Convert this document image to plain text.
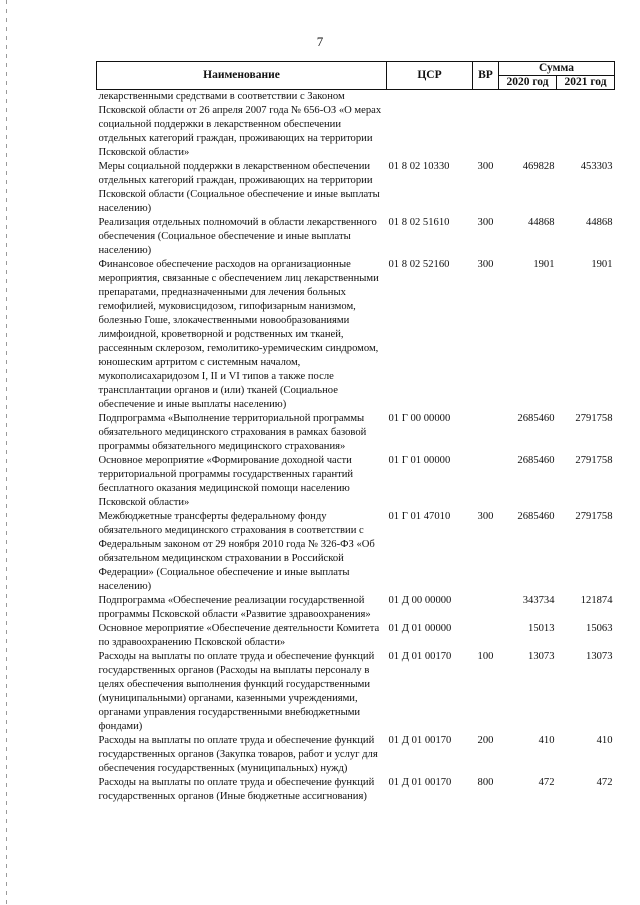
7
Наименование	ЦСР	ВР	Сумма	
			2020 год	2021 год
лекарственными средствами в соответствии с Законом Псковской области от 26 апреля 2007 года № 656-ОЗ «О мерах социальной поддержки в лекарственном обеспечении отдельных категорий граждан, проживающих на территории Псковской области»				
Меры социальной поддержки в лекарственном обеспечении отдельных категорий граждан, проживающих на территории Псковской области (Социальное обеспечение и иные выплаты населению)	01 8 02 10330	300	469828	453303
Реализация отдельных полномочий в области лекарственного обеспечения (Социальное обеспечение и иные выплаты населению)	01 8 02 51610	300	44868	44868
Финансовое обеспечение расходов на организационные мероприятия, связанные с обеспечением лиц лекарственными препаратами, предназначенными для лечения больных гемофилией, муковисцидозом, гипофизарным нанизмом, болезнью Гоше, злокачественными новообразованиями лимфоидной, кроветворной и родственных им тканей, рассеянным склерозом, гемолитико-уремическим синдромом, юношеским артритом с системным началом, мукополисахаридозом I, II и VI типов а также после трансплантации органов и (или) тканей (Социальное обеспечение и иные выплаты населению)	01 8 02 52160	300	1901	1901
Подпрограмма «Выполнение территориальной программы обязательного медицинского страхования в рамках базовой программы обязательного медицинского страхования»	01 Г 00 00000		2685460	2791758
Основное мероприятие «Формирование доходной части территориальной программы государственных гарантий бесплатного оказания медицинской помощи населению Псковской области»	01 Г 01 00000		2685460	2791758
Межбюджетные трансферты федеральному фонду обязательного медицинского страхования в соответствии с Федеральным законом от 29 ноября 2010 года № 326-ФЗ «Об обязательном медицинском страховании в Российской Федерации» (Социальное обеспечение и иные выплаты населению)	01 Г 01 47010	300	2685460	2791758
Подпрограмма «Обеспечение реализации государственной программы Псковской области «Развитие здравоохранения»	01 Д 00 00000		343734	121874
Основное мероприятие «Обеспечение деятельности Комитета по здравоохранению Псковской области»	01 Д 01 00000		15013	15063
Расходы на выплаты по оплате труда и обеспечение функций государственных органов (Расходы на выплаты персоналу в целях обеспечения выполнения функций государственными (муниципальными) органами, казенными учреждениями, органами управления государственными внебюджетными фондами)	01 Д 01 00170	100	13073	13073
Расходы на выплаты по оплате труда и обеспечение функций государственных органов (Закупка товаров, работ и услуг для обеспечения государственных (муниципальных) нужд)	01 Д 01 00170	200	410	410
Расходы на выплаты по оплате труда и обеспечение функций государственных органов (Иные бюджетные ассигнования)	01 Д 01 00170	800	472	472
